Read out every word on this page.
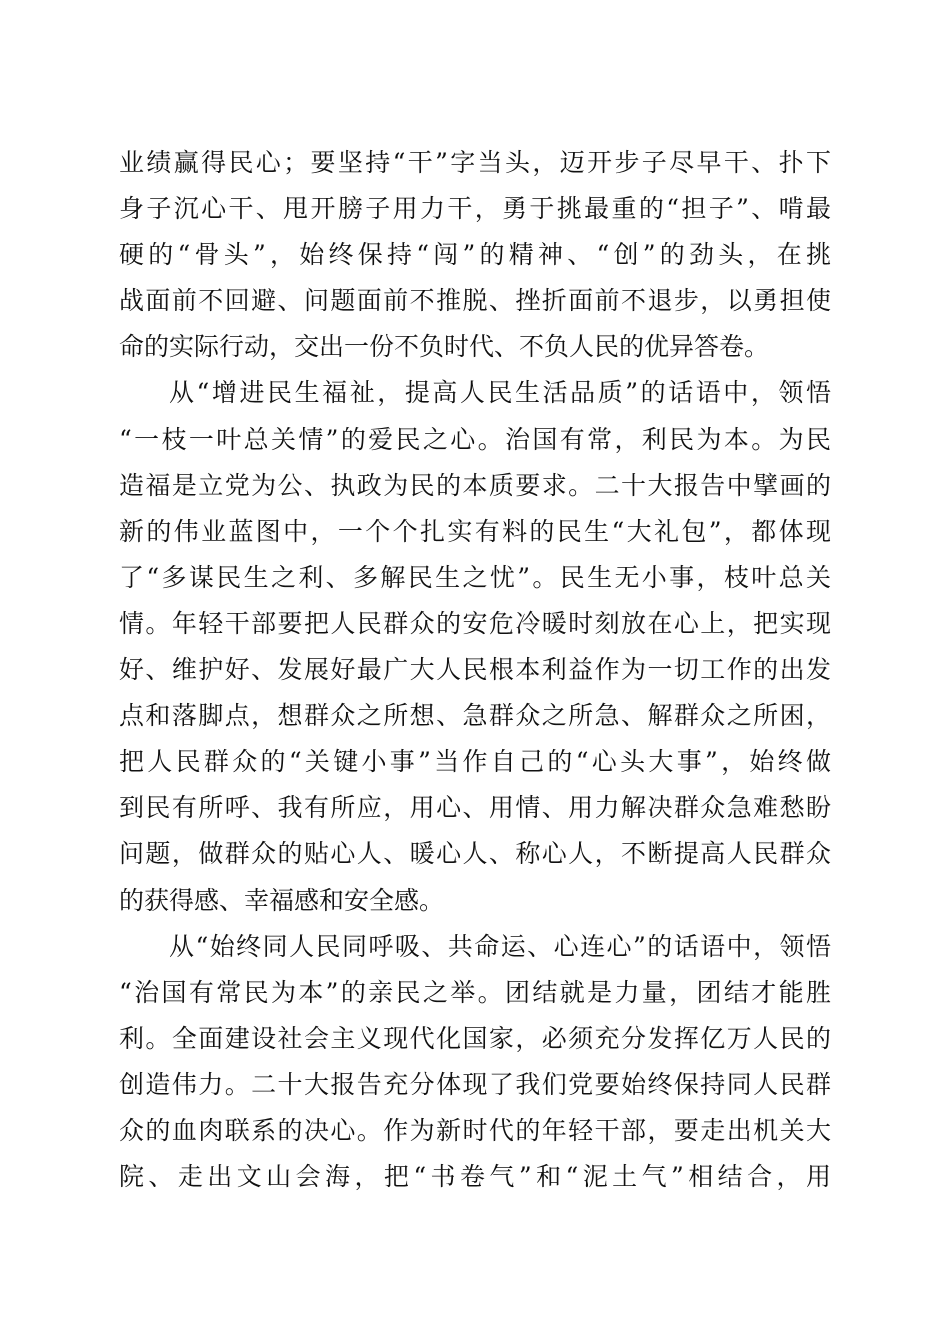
业绩赢得民心；要坚持“干”字当头，迈开步子尽早干、扑下
身子沉心干、甩开膀子用力干，勇于挑最重的“担子”、啃最
硬的“骨头”，始终保持“闯”的精神、“创”的劲头，在挑
战面前不回避、问题面前不推脱、挫折面前不退步，以勇担使
命的实际行动，交出一份不负时代、不负人民的优异答卷。
从“增进民生福祉，提高人民生活品质”的话语中，领悟
“一枝一叶总关情”的爱民之心。治国有常，利民为本。为民
造福是立党为公、执政为民的本质要求。二十大报告中擘画的
新的伟业蓝图中，一个个扎实有料的民生“大礼包”，都体现
了“多谋民生之利、多解民生之忧”。民生无小事，枝叶总关
情。年轻干部要把人民群众的安危冷暖时刻放在心上，把实现
好、维护好、发展好最广大人民根本利益作为一切工作的出发
点和落脚点，想群众之所想、急群众之所急、解群众之所困，
把人民群众的“关键小事”当作自己的“心头大事”，始终做
到民有所呼、我有所应，用心、用情、用力解决群众急难愁盼
问题，做群众的贴心人、暖心人、称心人，不断提高人民群众
的获得感、幸福感和安全感。
从“始终同人民同呼吸、共命运、心连心”的话语中，领悟
“治国有常民为本”的亲民之举。团结就是力量，团结才能胜
利。全面建设社会主义现代化国家，必须充分发挥亿万人民的
创造伟力。二十大报告充分体现了我们党要始终保持同人民群
众的血肉联系的决心。作为新时代的年轻干部，要走出机关大
院、走出文山会海，把“书卷气”和“泥土气”相结合，用
